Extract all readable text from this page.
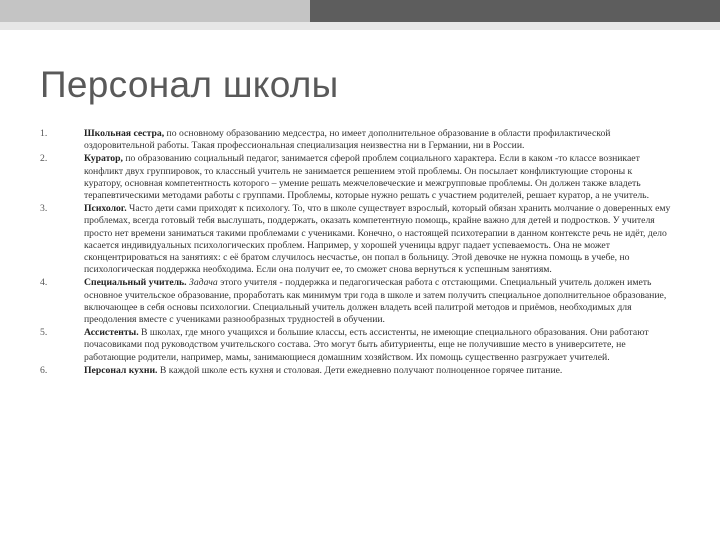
Персонал школы
1.	Школьная сестра, по основному образованию медсестра, но имеет дополнительное образование в области профилактической оздоровительной работы. Такая профессиональная специализация неизвестна ни в Германии, ни в России.
2.	Куратор, по образованию социальный педагог, занимается сферой проблем социального характера. Если в каком -то классе возникает конфликт двух группировок, то классный учитель не занимается решением этой проблемы. Он посылает конфликтующие стороны к куратору, основная компетентность которого – умение решать межчеловеческие и межгрупповые проблемы. Он должен также владеть терапевтическими методами работы с группами. Проблемы, которые нужно решать с участием родителей, решает куратор, а не учитель.
3.	Психолог. Часто дети сами приходят к психологу. То, что в школе существует взрослый, который обязан хранить молчание о доверенных ему проблемах, всегда готовый тебя выслушать, поддержать, оказать компетентную помощь, крайне важно для детей и подростков. У учителя просто нет времени заниматься такими проблемами с учениками. Конечно, о настоящей психотерапии в данном контексте речь не идёт, дело касается индивидуальных психологических проблем. Например, у хорошей ученицы вдруг падает успеваемость. Она не может сконцентрироваться на занятиях: с её братом случилось несчастье, он попал в больницу. Этой девочке не нужна помощь в учебе, но психологическая поддержка необходима. Если она получит ее, то сможет снова вернуться к успешным занятиям.
4.	Специальный учитель. Задача этого учителя - поддержка и педагогическая работа с отстающими. Специальный учитель должен иметь основное учительское образование, проработать как минимум три года в школе и затем получить специальное дополнительное образование, включающее в себя основы психологии. Специальный учитель должен владеть всей палитрой методов и приёмов, необходимых для преодоления вместе с учениками разнообразных трудностей в обучении.
5.	Ассистенты. В школах, где много учащихся и большие классы, есть ассистенты, не имеющие специального образования. Они работают почасовиками под руководством учительского состава. Это могут быть абитуриенты, еще не получившие место в университете, не работающие родители, например, мамы, занимающиеся домашним хозяйством. Их помощь существенно разгружает учителей.
6.	Персонал кухни. В каждой школе есть кухня и столовая. Дети ежедневно получают полноценное горячее питание.
